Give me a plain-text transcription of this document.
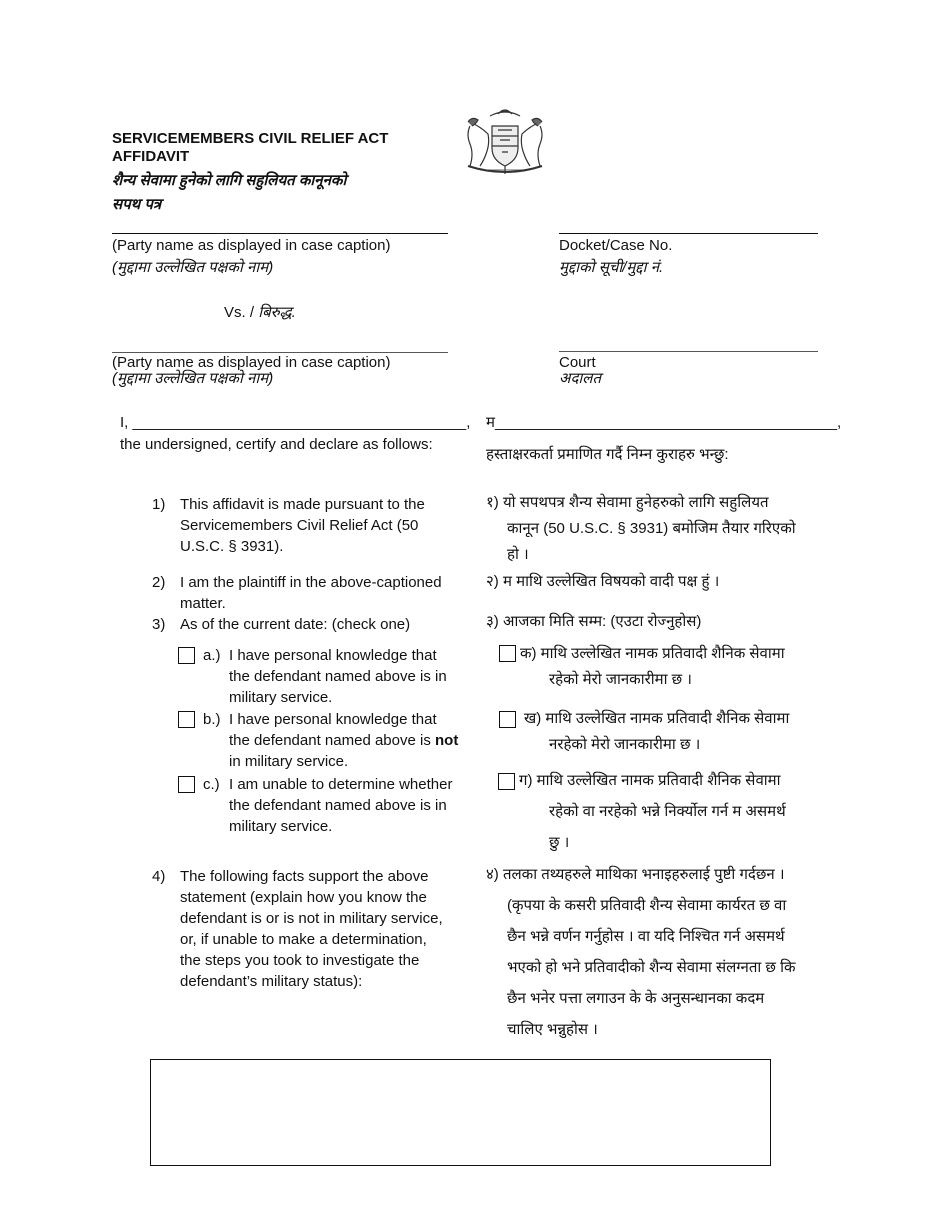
SERVICEMEMBERS CIVIL RELIEF ACT
AFFIDAVIT
शैन्य सेवामा हुनेको लागि सहुलियत कानूनको
सपथ पत्र
(Party name as displayed in case caption)
(मुद्दामा उल्लेखित पक्षको नाम)
Vs. / बिरुद्ध.
(Party name as displayed in case caption)
(मुद्दामा उल्लेखित पक्षको नाम)
Docket/Case No.
मुद्दाको सूची/मुद्दा नं.
Court
अदालत
I, ________________________________________,
the undersigned, certify and declare as follows:
म_________________________________________,
हस्ताक्षरकर्ता प्रमाणित गर्दै निम्न कुराहरु भन्छु:
1) This affidavit is made pursuant to the
Servicemembers Civil Relief Act (50
U.S.C. § 3931).
2) I am the plaintiff in the above-captioned
matter.
3) As of the current date: (check one)
a.) I have personal knowledge that
the defendant named above is in
military service.
b.) I have personal knowledge that
the defendant named above is not
in military service.
c.) I am unable to determine whether
the defendant named above is in
military service.
4) The following facts support the above
statement (explain how you know the
defendant is or is not in military service,
or, if unable to make a determination,
the steps you took to investigate the
defendant’s military status):
१) यो सपथपत्र शैन्य सेवामा हुनेहरुको लागि सहुलियत
कानून (50 U.S.C. § 3931) बमोजिम तैयार गरिएको
हो ।
२) म माथि उल्लेखित विषयको वादी पक्ष हुं ।
३) आजका मिति सम्म: (एउटा रोज्नुहोस)
क) माथि उल्लेखित नामक प्रतिवादी शैनिक सेवामा
रहेको मेरो जानकारीमा छ ।
ख) माथि उल्लेखित नामक प्रतिवादी शैनिक सेवामा
नरहेको मेरो जानकारीमा छ ।
ग) माथि उल्लेखित नामक प्रतिवादी शैनिक सेवामा
रहेको वा नरहेको भन्ने निर्क्योल गर्न म असमर्थ
छु ।
४) तलका तथ्यहरुले माथिका भनाइहरुलाई पुष्टी गर्दछन ।
(कृपया के कसरी प्रतिवादी शैन्य सेवामा कार्यरत छ वा
छैन भन्ने वर्णन गर्नुहोस । वा यदि निश्चित गर्न असमर्थ
भएको हो भने प्रतिवादीको शैन्य सेवामा संलग्नता छ कि
छैन भनेर पत्ता लगाउन के के अनुसन्धानका कदम
चालिए भन्नुहोस ।
